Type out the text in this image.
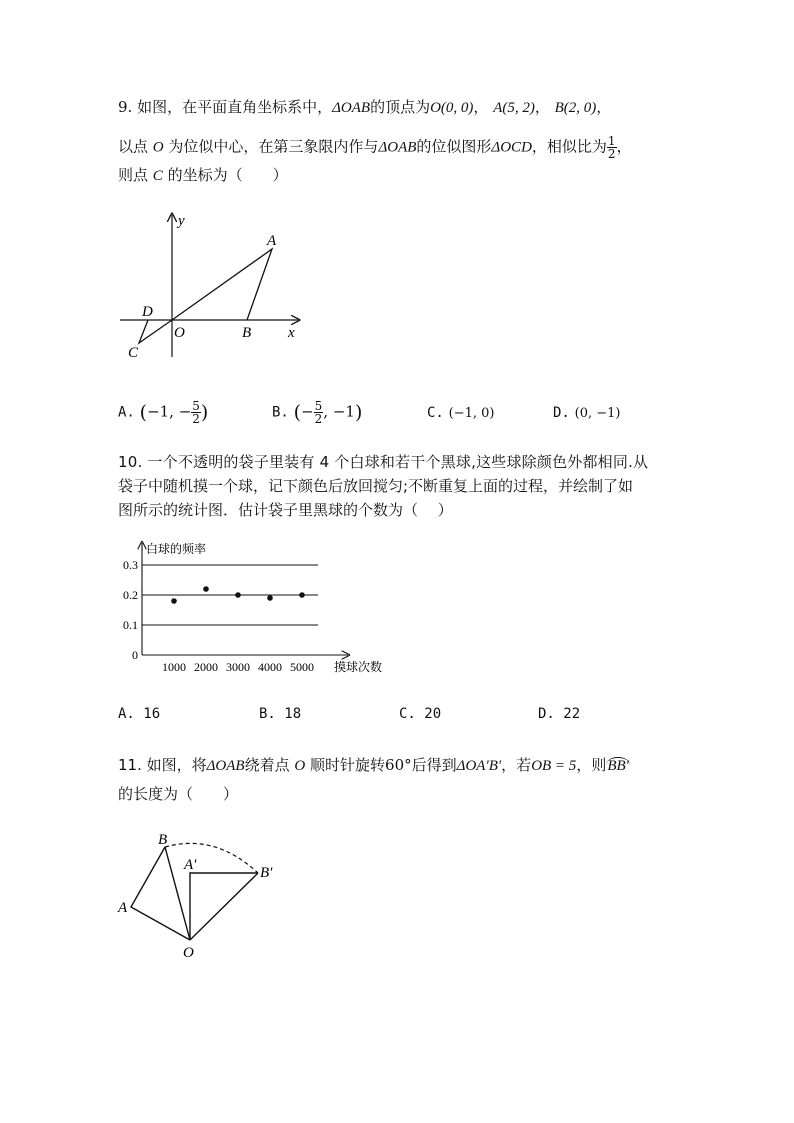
9. 如图，在平面直角坐标系中，ΔOAB的顶点为O(0, 0)， A(5, 2)， B(2, 0)，
以点 O 为位似中心，在第三象限内作与ΔOAB的位似图形ΔOCD，相似比为 $\frac{1}{2}$ ，
则点 C 的坐标为（　　）
y
A
D
O	B x
C
A. (−1, − $\frac{5}{2}$ )	B. (− $\frac{5}{2}$ , −1)	C. (−1, 0)	D. (0, −1)
10. 一个不透明的袋子里装有 4 个白球和若干个黑球,这些球除颜色外都相同.从
袋子中随机摸一个球，记下颜色后放回搅匀;不断重复上面的过程，并绘制了如
图所示的统计图．估计袋子里黑球的个数为（　 ）
0
0.1
0.2
0.3
1000 2000 3000 4000 5000
白球的频率
摸球次数
A. 16	B. 18	C. 20	D. 22
11. 如图，将ΔOAB绕着点 O 顺时针旋转60°后得到ΔOA′B′，若OB = 5，则BB′
的长度为（　　）
B
A′	B′
A
O
